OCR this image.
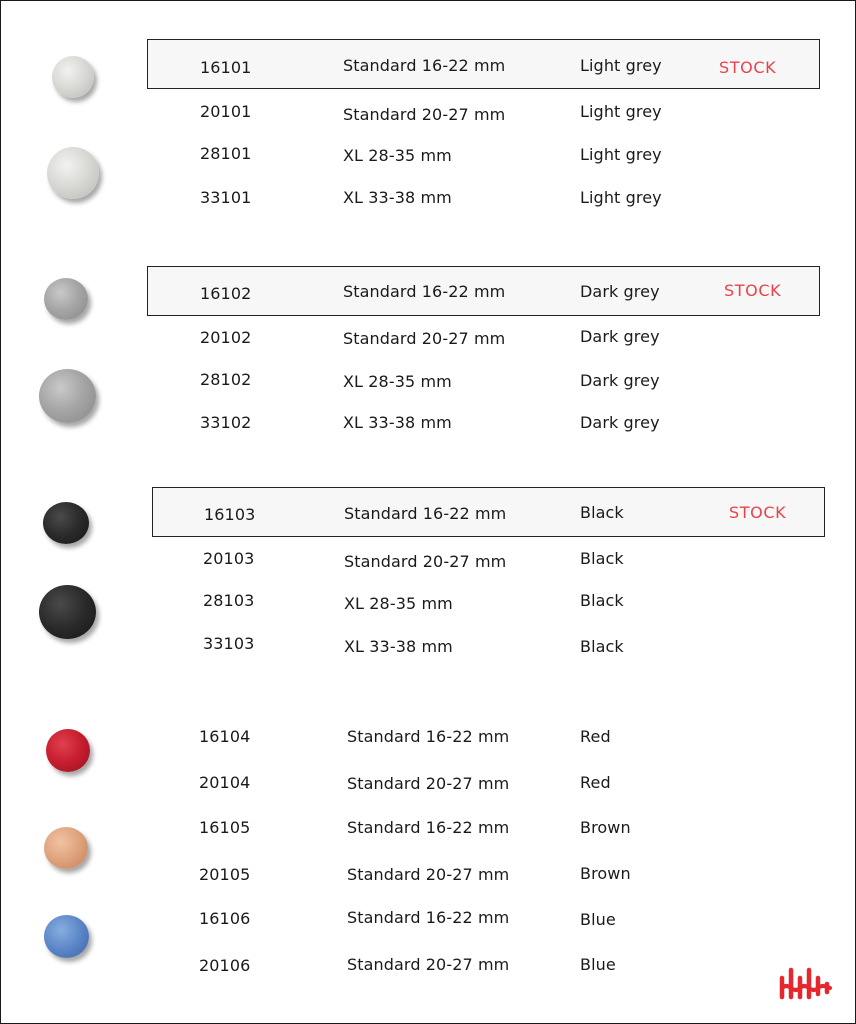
16101	Standard 16-22 mm	Light grey	STOCK
20101	Standard 20-27 mm	Light grey
28101	XL 28-35 mm	Light grey
33101	XL 33-38 mm	Light grey
16102	Standard 16-22 mm	Dark grey	STOCK
20102	Standard 20-27 mm	Dark grey
28102	XL 28-35 mm	Dark grey
33102	XL 33-38 mm	Dark grey
16103	Standard 16-22 mm	Black	STOCK
20103	Standard 20-27 mm	Black
28103	XL 28-35 mm	Black
33103	XL 33-38 mm	Black
16104	Standard 16-22 mm	Red
20104	Standard 20-27 mm	Red
16105	Standard 16-22 mm	Brown
20105	Standard 20-27 mm	Brown
16106	Standard 16-22 mm	Blue
20106	Standard 20-27 mm	Blue
